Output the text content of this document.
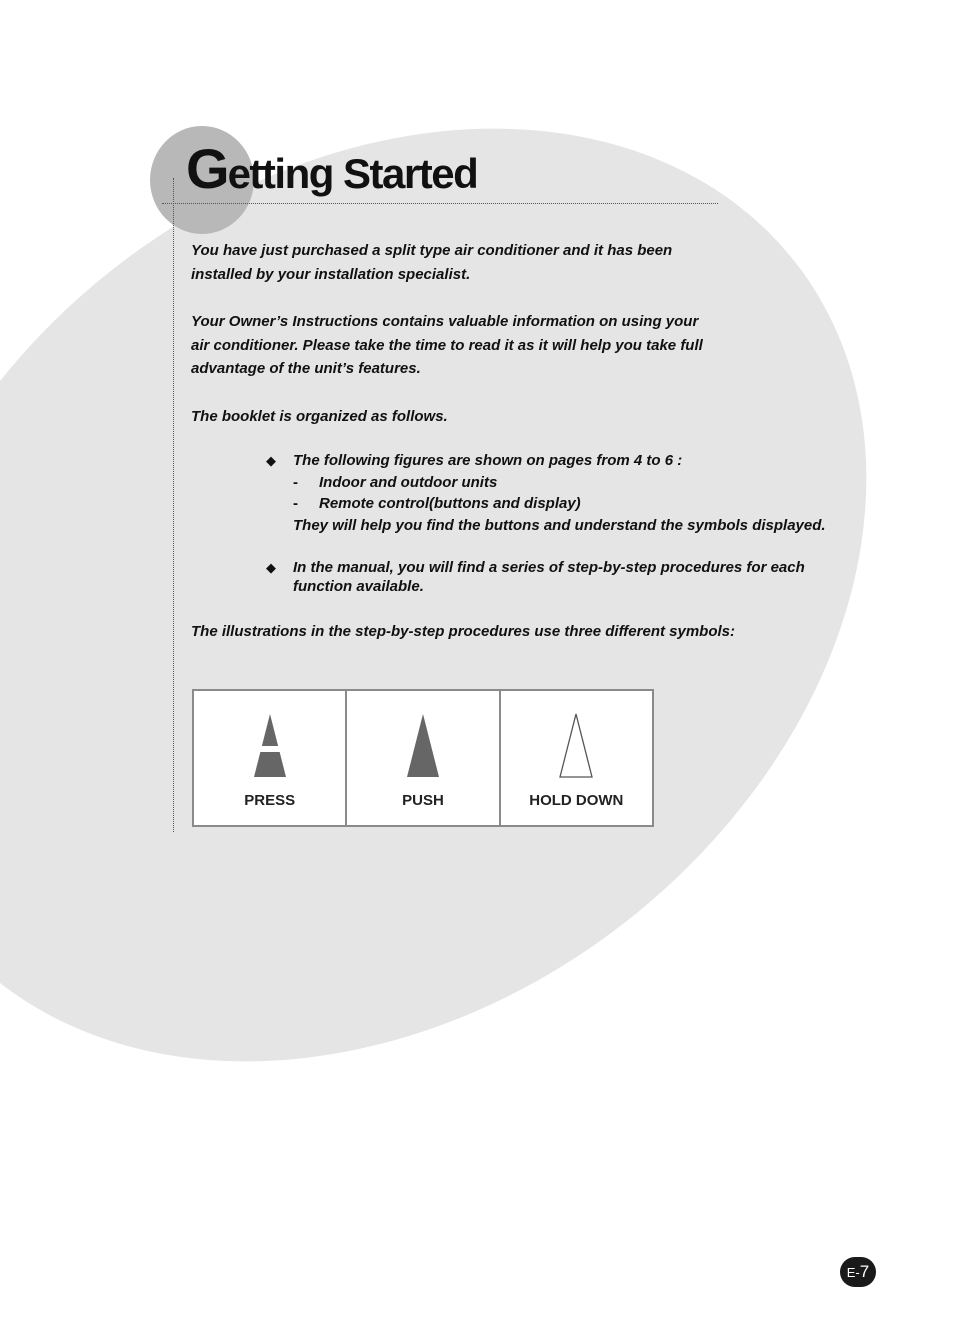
Getting Started

You have just purchased a split type air conditioner and it has been
installed by your installation specialist.

Your Owner’s Instructions contains valuable information on using your
air conditioner. Please take the time to read it as it will help you take full
advantage of the unit’s features.

The booklet is organized as follows.

◆ The following figures are shown on pages from 4 to 6 :
- Indoor and outdoor units
- Remote control(buttons and display)
They will help you find the buttons and understand the symbols displayed.
◆ In the manual, you will find a series of step-by-step procedures for each
function available.

The illustrations in the step-by-step procedures use three different symbols:

PRESS	PUSH	HOLD DOWN
E- 7
